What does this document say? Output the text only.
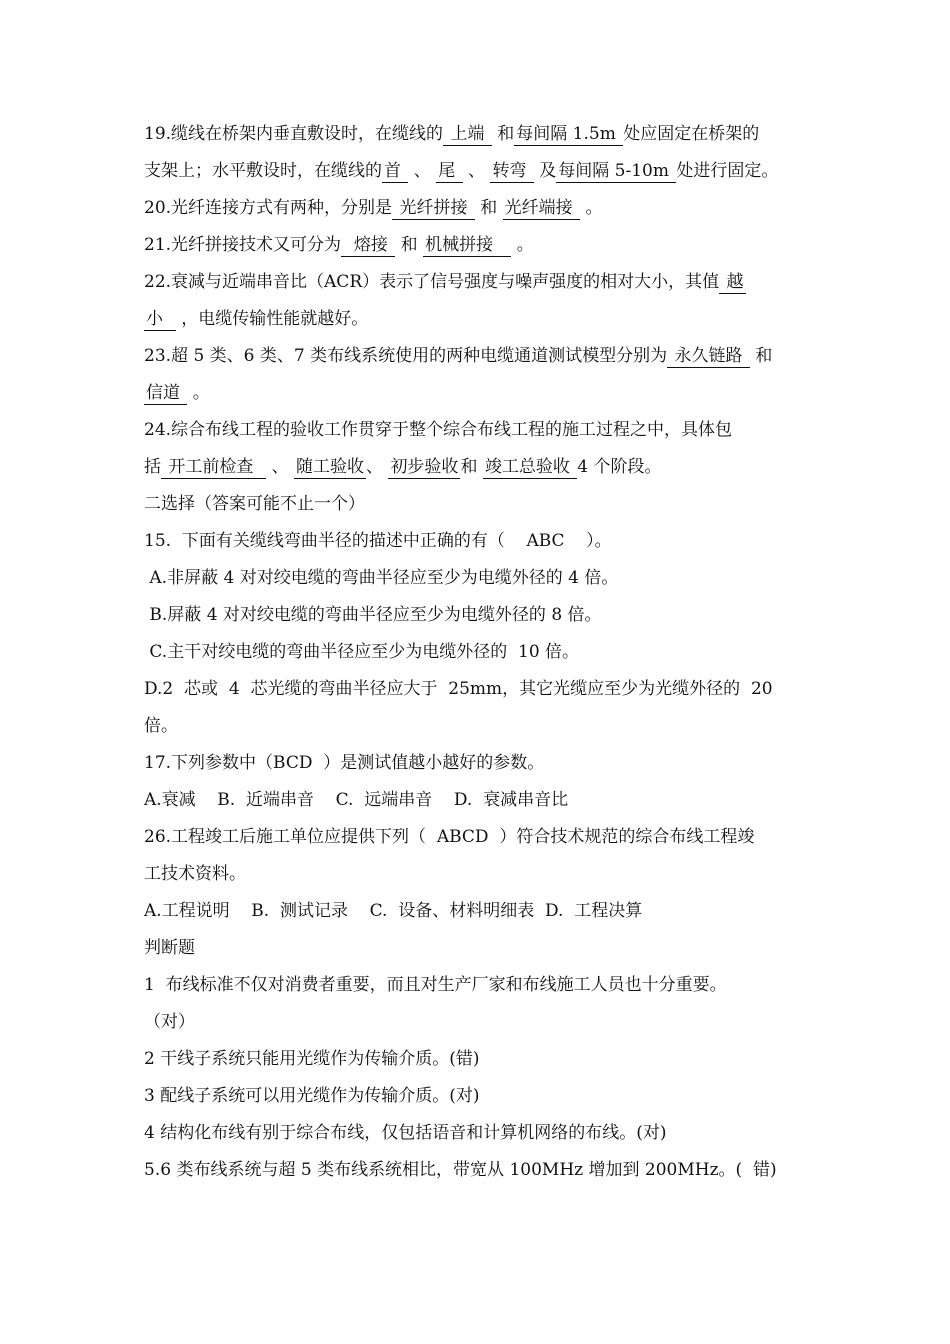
19.缆线在桥架内垂直敷设时，在缆线的 上端  和 每间隔 1.5m 处应固定在桥架的
支架上；水平敷设时，在缆线的 首  、 尾  、 转弯  及 每间隔 5-10m 处进行固定。
20.光纤连接方式有两种，分别是 光纤拼接  和 光纤端接  。
21.光纤拼接技术又可分为  熔接  和 机械拼接    。
22.衰减与近端串音比（ACR）表示了信号强度与噪声强度的相对大小，其值 越
小   ，电缆传输性能就越好。
23.超 5 类、6 类、7 类布线系统使用的两种电缆通道测试模型分别为 永久链路  和
信道  。
24.综合布线工程的验收工作贯穿于整个综合布线工程的施工过程之中，具体包
括 开工前检查   、 随工验收 、 初步验收 和 竣工总验收 4 个阶段。
二选择（答案可能不止一个）
15.  下面有关缆线弯曲半径的描述中正确的有（    ABC    ）。
A.非屏蔽 4 对对绞电缆的弯曲半径应至少为电缆外径的 4 倍。
B.屏蔽 4 对对绞电缆的弯曲半径应至少为电缆外径的 8 倍。
C.主干对绞电缆的弯曲半径应至少为电缆外径的  10 倍。
D.2  芯或  4  芯光缆的弯曲半径应大于  25mm，其它光缆应至少为光缆外径的  20
倍。
17.下列参数中（BCD  ）是测试值越小越好的参数。
A.衰减    B.  近端串音    C.  远端串音    D.  衰减串音比
26.工程竣工后施工单位应提供下列（  ABCD  ）符合技术规范的综合布线工程竣
工技术资料。
A.工程说明    B.  测试记录    C.  设备、材料明细表  D.  工程决算
判断题
1  布线标准不仅对消费者重要，而且对生产厂家和布线施工人员也十分重要。
（对）
2 干线子系统只能用光缆作为传输介质。(错)
3 配线子系统可以用光缆作为传输介质。(对)
4 结构化布线有别于综合布线，仅包括语音和计算机网络的布线。(对)
5.6 类布线系统与超 5 类布线系统相比，带宽从 100MHz 增加到 200MHz。(  错)
